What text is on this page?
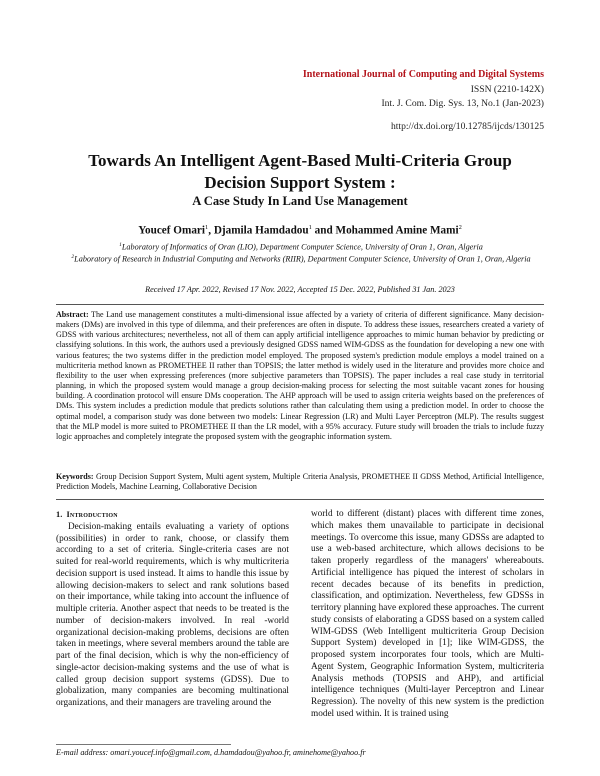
International Journal of Computing and Digital Systems
ISSN (2210-142X)
Int. J. Com. Dig. Sys. 13, No.1 (Jan-2023)
http://dx.doi.org/10.12785/ijcds/130125
Towards An Intelligent Agent-Based Multi-Criteria Group
Decision Support System :
A Case Study In Land Use Management
Youcef Omari$^1$, Djamila Hamdadou$^1$ and Mohammed Amine Mami$^2$
$^1$Laboratory of Informatics of Oran (LIO), Department Computer Science, University of Oran 1, Oran, Algeria
$^2$Laboratory of Research in Industrial Computing and Networks (RIIR), Department Computer Science, University of Oran 1, Oran, Algeria
Received 17 Apr. 2022, Revised 17 Nov. 2022, Accepted 15 Dec. 2022, Published 31 Jan. 2023

Abstract: The Land use management constitutes a multi-dimensional issue affected by a variety of criteria of different significance. Many decision-makers (DMs) are involved in this type of dilemma, and their preferences are often in dispute. To address these issues, researchers created a variety of GDSS with various architectures; nevertheless, not all of them can apply artificial intelligence approaches to mimic human behavior by predicting or classifying solutions. In this work, the authors used a previously designed GDSS named WIM-GDSS as the foundation for developing a new one with various features; the two systems differ in the prediction model employed. The proposed system's prediction module employs a model trained on a multicriteria method known as PROMETHEE II rather than TOPSIS; the latter method is widely used in the literature and provides more choice and flexibility to the user when expressing preferences (more subjective parameters than TOPSIS). The paper includes a real case study in territorial planning, in which the proposed system would manage a group decision-making process for selecting the most suitable vacant zones for housing building. A coordination protocol will ensure DMs cooperation. The AHP approach will be used to assign criteria weights based on the preferences of DMs. This system includes a prediction module that predicts solutions rather than calculating them using a prediction model. In order to choose the optimal model, a comparison study was done between two models: Linear Regression (LR) and Multi Layer Perceptron (MLP). The results suggest that the MLP model is more suited to PROMETHEE II than the LR model, with a 95% accuracy. Future study will broaden the trials to include fuzzy logic approaches and completely integrate the proposed system with the geographic information system.

Keywords: Group Decision Support System, Multi agent system, Multiple Criteria Analysis, PROMETHEE II GDSS Method, Artificial Intelligence, Prediction Models, Machine Learning, Collaborative Decision

1. Introduction

Decision-making entails evaluating a variety of options (possibilities) in order to rank, choose, or classify them according to a set of criteria. Single-criteria cases are not suited for real-world requirements, which is why multicriteria decision support is used instead. It aims to handle this issue by allowing decision-makers to select and rank solutions based on their importance, while taking into account the influence of multiple criteria. Another aspect that needs to be treated is the number of decision-makers involved. In real -world organizational decision-making problems, decisions are often taken in meetings, where several members around the table are part of the final decision, which is why the non-efficiency of single-actor decision-making systems and the use of what is called group decision support systems (GDSS). Due to globalization, many companies are becoming multinational organizations, and their managers are traveling around the

world to different (distant) places with different time zones, which makes them unavailable to participate in decisional meetings. To overcome this issue, many GDSSs are adapted to use a web-based architecture, which allows decisions to be taken properly regardless of the managers' whereabouts. Artificial intelligence has piqued the interest of scholars in recent decades because of its benefits in prediction, classification, and optimization. Nevertheless, few GDSSs in territory planning have explored these approaches. The current study consists of elaborating a GDSS based on a system called WIM-GDSS (Web Intelligent multicriteria Group Decision Support System) developed in [1]; like WIM-GDSS, the proposed system incorporates four tools, which are Multi-Agent System, Geographic Information System, multicriteria Analysis methods (TOPSIS and AHP), and artificial intelligence techniques (Multi-layer Perceptron and Linear Regression). The novelty of this new system is the prediction model used within. It is trained using

E-mail address: omari.youcef.info@gmail.com, d.hamdadou@yahoo.fr, aminehome@yahoo.fr
